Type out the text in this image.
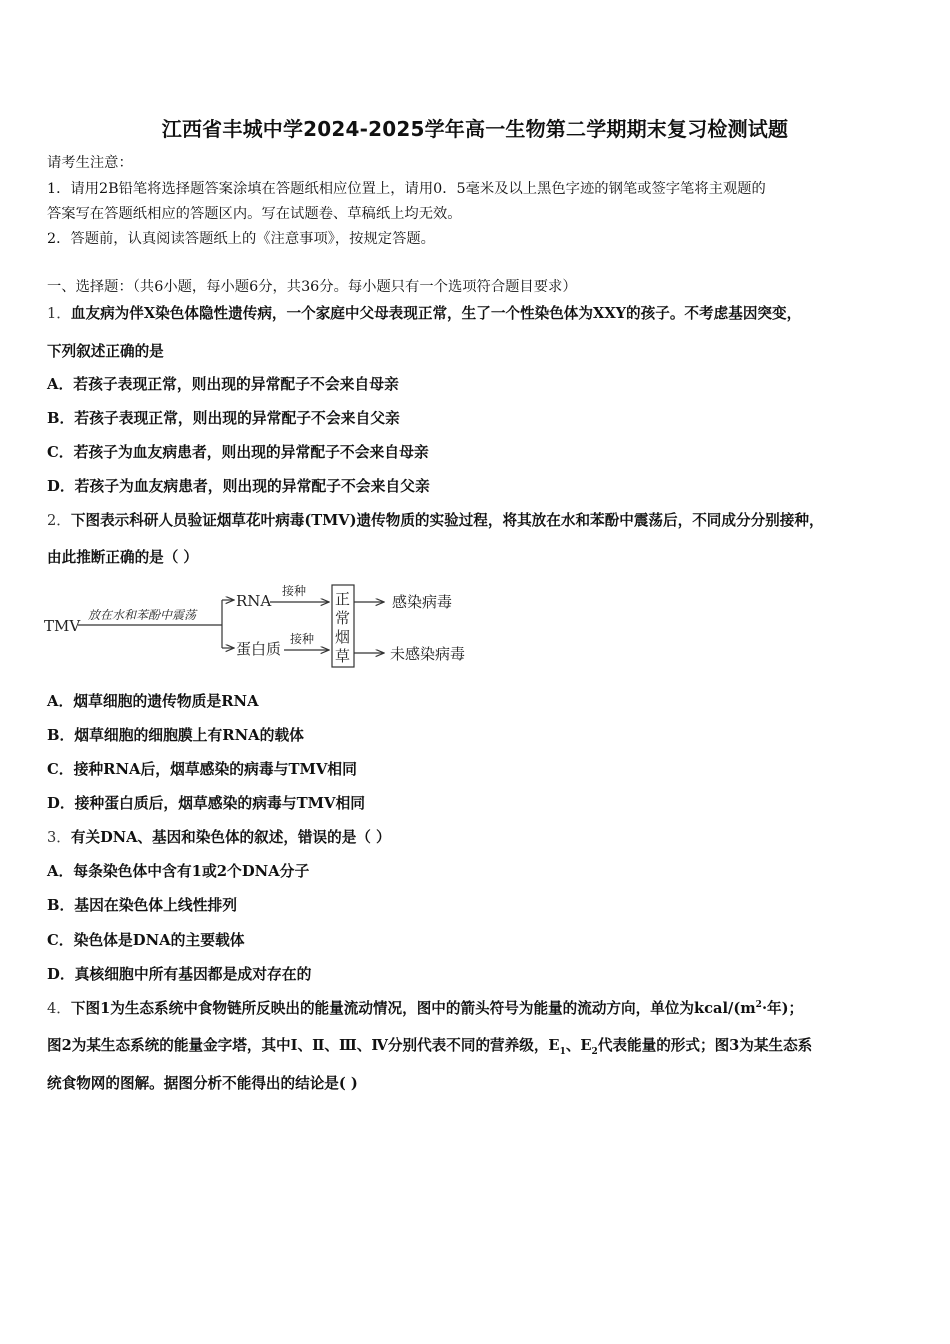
江西省丰城中学2024-2025学年高一生物第二学期期末复习检测试题
请考生注意：
1．请用2B铅笔将选择题答案涂填在答题纸相应位置上，请用0．5毫米及以上黑色字迹的钢笔或签字笔将主观题的
答案写在答题纸相应的答题区内。写在试题卷、草稿纸上均无效。
2．答题前，认真阅读答题纸上的《注意事项》，按规定答题。
一、选择题：（共6小题，每小题6分，共36分。每小题只有一个选项符合题目要求）
1．血友病为伴X染色体隐性遗传病，一个家庭中父母表现正常，生了一个性染色体为XXY的孩子。不考虑基因突变，
下列叙述正确的是
A．若孩子表现正常，则出现的异常配子不会来自母亲
B．若孩子表现正常，则出现的异常配子不会来自父亲
C．若孩子为血友病患者，则出现的异常配子不会来自母亲
D．若孩子为血友病患者，则出现的异常配子不会来自父亲
2．下图表示科研人员验证烟草花叶病毒(TMV)遗传物质的实验过程，将其放在水和苯酚中震荡后，不同成分分别接种，
由此推断正确的是（ ）
TMV
放在水和苯酚中震荡
RNA
蛋白质
接种
接种
正
常
烟
草
感染病毒
未感染病毒
A．烟草细胞的遗传物质是RNA
B．烟草细胞的细胞膜上有RNA的载体
C．接种RNA后，烟草感染的病毒与TMV相同
D．接种蛋白质后，烟草感染的病毒与TMV相同
3．有关DNA、基因和染色体的叙述，错误的是（ ）
A．每条染色体中含有1或2个DNA分子
B．基因在染色体上线性排列
C．染色体是DNA的主要载体
D．真核细胞中所有基因都是成对存在的
4．下图1为生态系统中食物链所反映出的能量流动情况，图中的箭头符号为能量的流动方向，单位为kcal/($m^2\cdot$年)；
图2为某生态系统的能量金字塔，其中Ⅰ、Ⅱ、Ⅲ、Ⅳ分别代表不同的营养级，$E_1$、$E_2$代表能量的形式；图3为某生态系
统食物网的图解。据图分析不能得出的结论是( )
